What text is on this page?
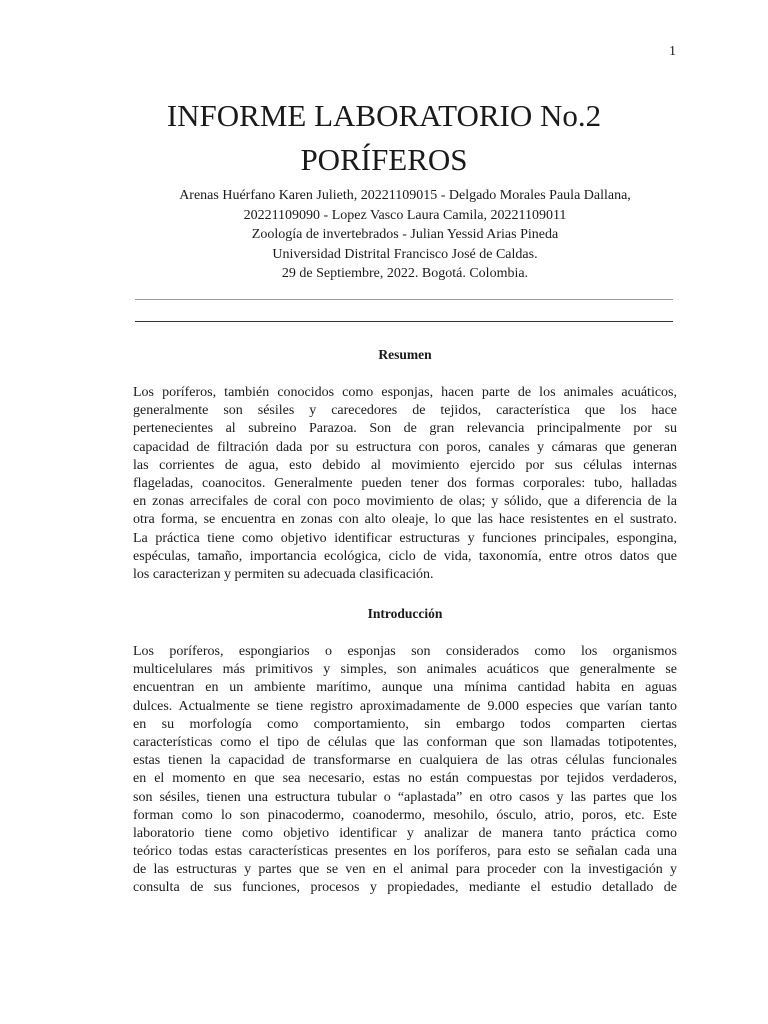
1
INFORME LABORATORIO No.2
PORÍFEROS
Arenas Huérfano Karen Julieth, 20221109015 - Delgado Morales Paula Dallana,
20221109090 - Lopez Vasco Laura Camila, 20221109011
Zoología de invertebrados - Julian Yessid Arias Pineda
Universidad Distrital Francisco José de Caldas.
29 de Septiembre, 2022. Bogotá. Colombia.
Resumen
Los poríferos, también conocidos como esponjas, hacen parte de los animales acuáticos,
generalmente son sésiles y carecedores de tejidos, característica que los hace
pertenecientes al subreino Parazoa. Son de gran relevancia principalmente por su
capacidad de filtración dada por su estructura con poros, canales y cámaras que generan
las corrientes de agua, esto debido al movimiento ejercido por sus células internas
flageladas, coanocitos. Generalmente pueden tener dos formas corporales: tubo, halladas
en zonas arrecifales de coral con poco movimiento de olas; y sólido, que a diferencia de la
otra forma, se encuentra en zonas con alto oleaje, lo que las hace resistentes en el sustrato.
La práctica tiene como objetivo identificar estructuras y funciones principales, espongina,
espéculas, tamaño, importancia ecológica, ciclo de vida, taxonomía, entre otros datos que
los caracterizan y permiten su adecuada clasificación.
Introducción
Los poríferos, espongiarios o esponjas son considerados como los organismos
multicelulares más primitivos y simples, son animales acuáticos que generalmente se
encuentran en un ambiente marítimo, aunque una mínima cantidad habita en aguas
dulces. Actualmente se tiene registro aproximadamente de 9.000 especies que varían tanto
en su morfología como comportamiento, sin embargo todos comparten ciertas
características como el tipo de células que las conforman que son llamadas totipotentes,
estas tienen la capacidad de transformarse en cualquiera de las otras células funcionales
en el momento en que sea necesario, estas no están compuestas por tejidos verdaderos,
son sésiles, tienen una estructura tubular o “aplastada” en otro casos y las partes que los
forman como lo son pinacodermo, coanodermo, mesohilo, ósculo, atrio, poros, etc. Este
laboratorio tiene como objetivo identificar y analizar de manera tanto práctica como
teórico todas estas características presentes en los poríferos, para esto se señalan cada una
de las estructuras y partes que se ven en el animal para proceder con la investigación y
consulta de sus funciones, procesos y propiedades, mediante el estudio detallado de
